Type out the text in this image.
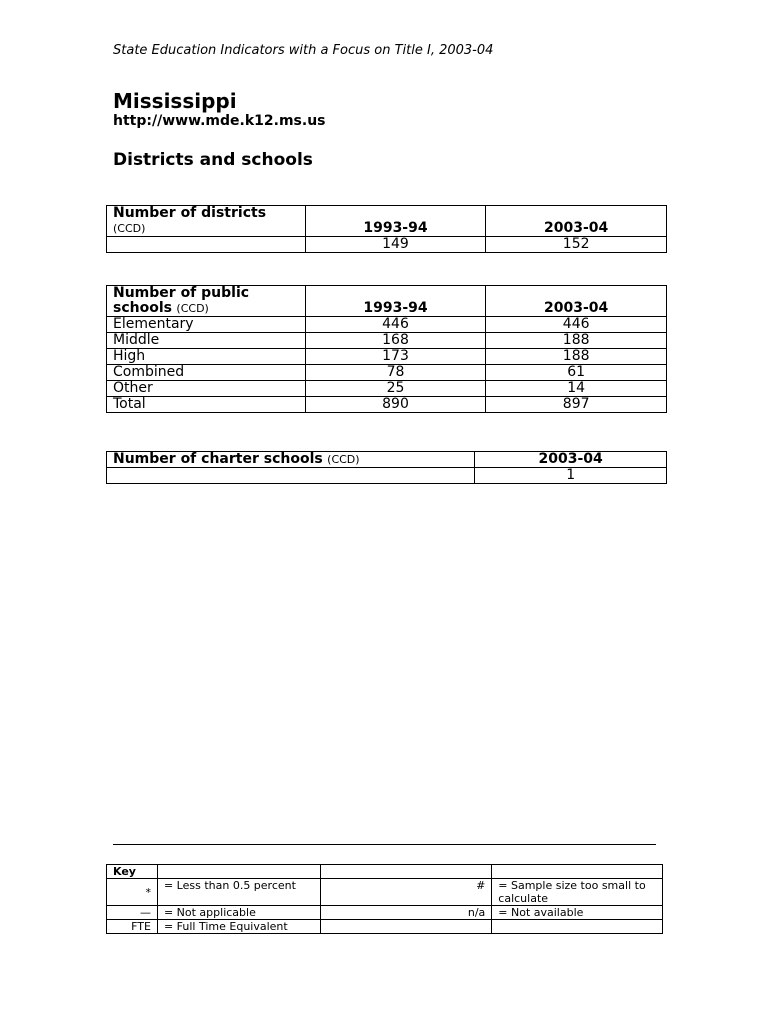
State Education Indicators with a Focus on Title I, 2003-04
Mississippi
http://www.mde.k12.ms.us
Districts and schools
Number of districts
(CCD)	1993-94	2003-04
	149	152
Number of public
schools (CCD)	1993-94	2003-04
Elementary	446	446
Middle	168	188
High	173	188
Combined	78	61
Other	25	14
Total	890	897
Number of charter schools (CCD)	2003-04
	1
Key			
*	= Less than 0.5 percent	#	= Sample size too small to calculate
—	= Not applicable	n/a	= Not available
FTE	= Full Time Equivalent		
